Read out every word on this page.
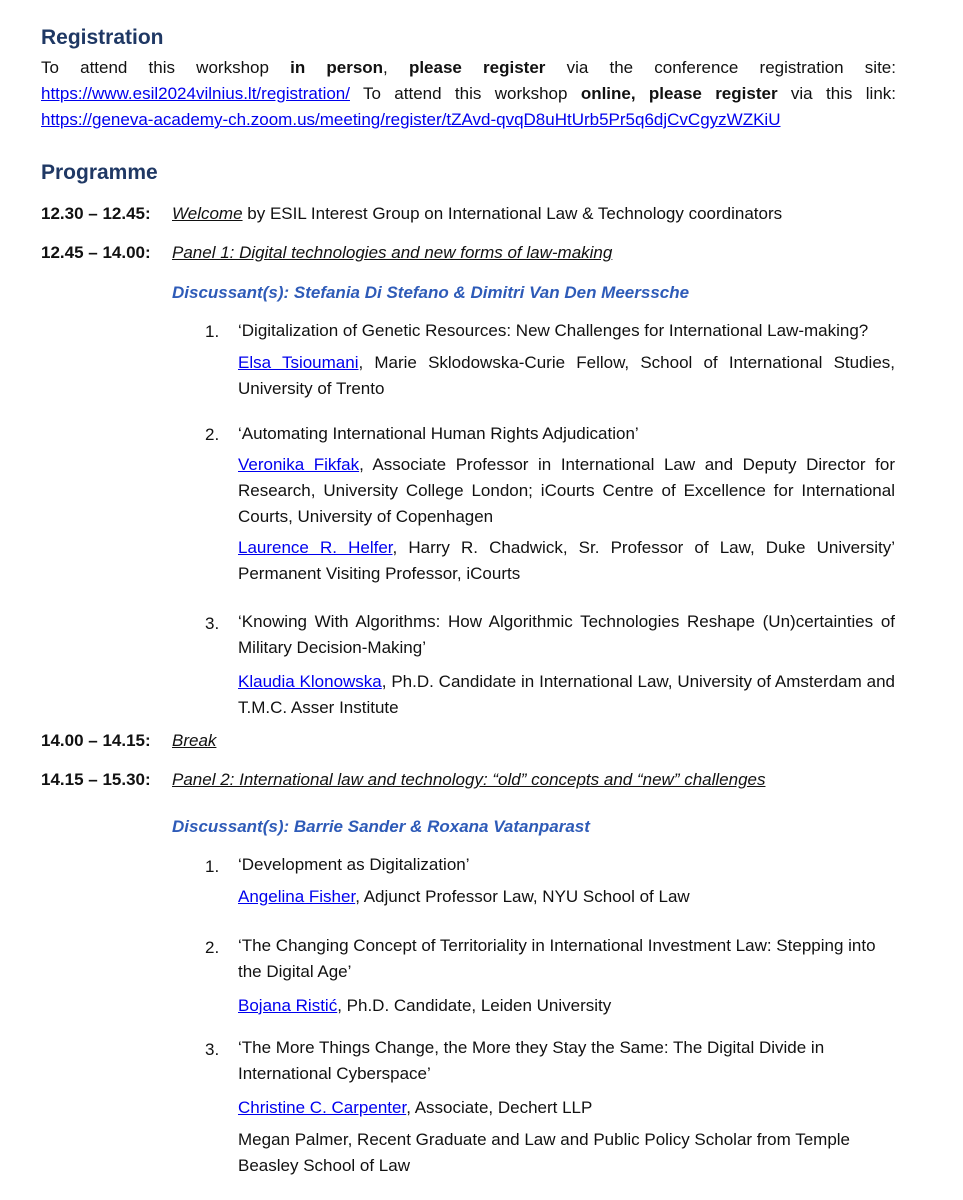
Registration
To attend this workshop in person, please register via the conference registration site:
https://www.esil2024vilnius.lt/registration/ To attend this workshop online, please register via this link:
https://geneva-academy-ch.zoom.us/meeting/register/tZAvd-qvqD8uHtUrb5Pr5q6djCvCgyzWZKiU
Programme
12.30 – 12.45: Welcome by ESIL Interest Group on International Law & Technology coordinators
12.45 – 14.00: Panel 1: Digital technologies and new forms of law-making
Discussant(s): Stefania Di Stefano & Dimitri Van Den Meerssche
1. ‘Digitalization of Genetic Resources: New Challenges for International Law-making?
Elsa Tsioumani, Marie Sklodowska-Curie Fellow, School of International Studies, University of Trento
2. ‘Automating International Human Rights Adjudication’
Veronika Fikfak, Associate Professor in International Law and Deputy Director for Research, University College London; iCourts Centre of Excellence for International Courts, University of Copenhagen
Laurence R. Helfer, Harry R. Chadwick, Sr. Professor of Law, Duke University’ Permanent Visiting Professor, iCourts
3. ‘Knowing With Algorithms: How Algorithmic Technologies Reshape (Un)certainties of Military Decision-Making’
Klaudia Klonowska, Ph.D. Candidate in International Law, University of Amsterdam and T.M.C. Asser Institute
14.00 – 14.15: Break
14.15 – 15.30: Panel 2: International law and technology: “old” concepts and “new” challenges
Discussant(s): Barrie Sander & Roxana Vatanparast
1. ‘Development as Digitalization’
Angelina Fisher, Adjunct Professor Law, NYU School of Law
2. ‘The Changing Concept of Territoriality in International Investment Law: Stepping into the Digital Age’
Bojana Ristić, Ph.D. Candidate, Leiden University
3. ‘The More Things Change, the More they Stay the Same: The Digital Divide in International Cyberspace’
Christine C. Carpenter, Associate, Dechert LLP
Megan Palmer, Recent Graduate and Law and Public Policy Scholar from Temple Beasley School of Law
